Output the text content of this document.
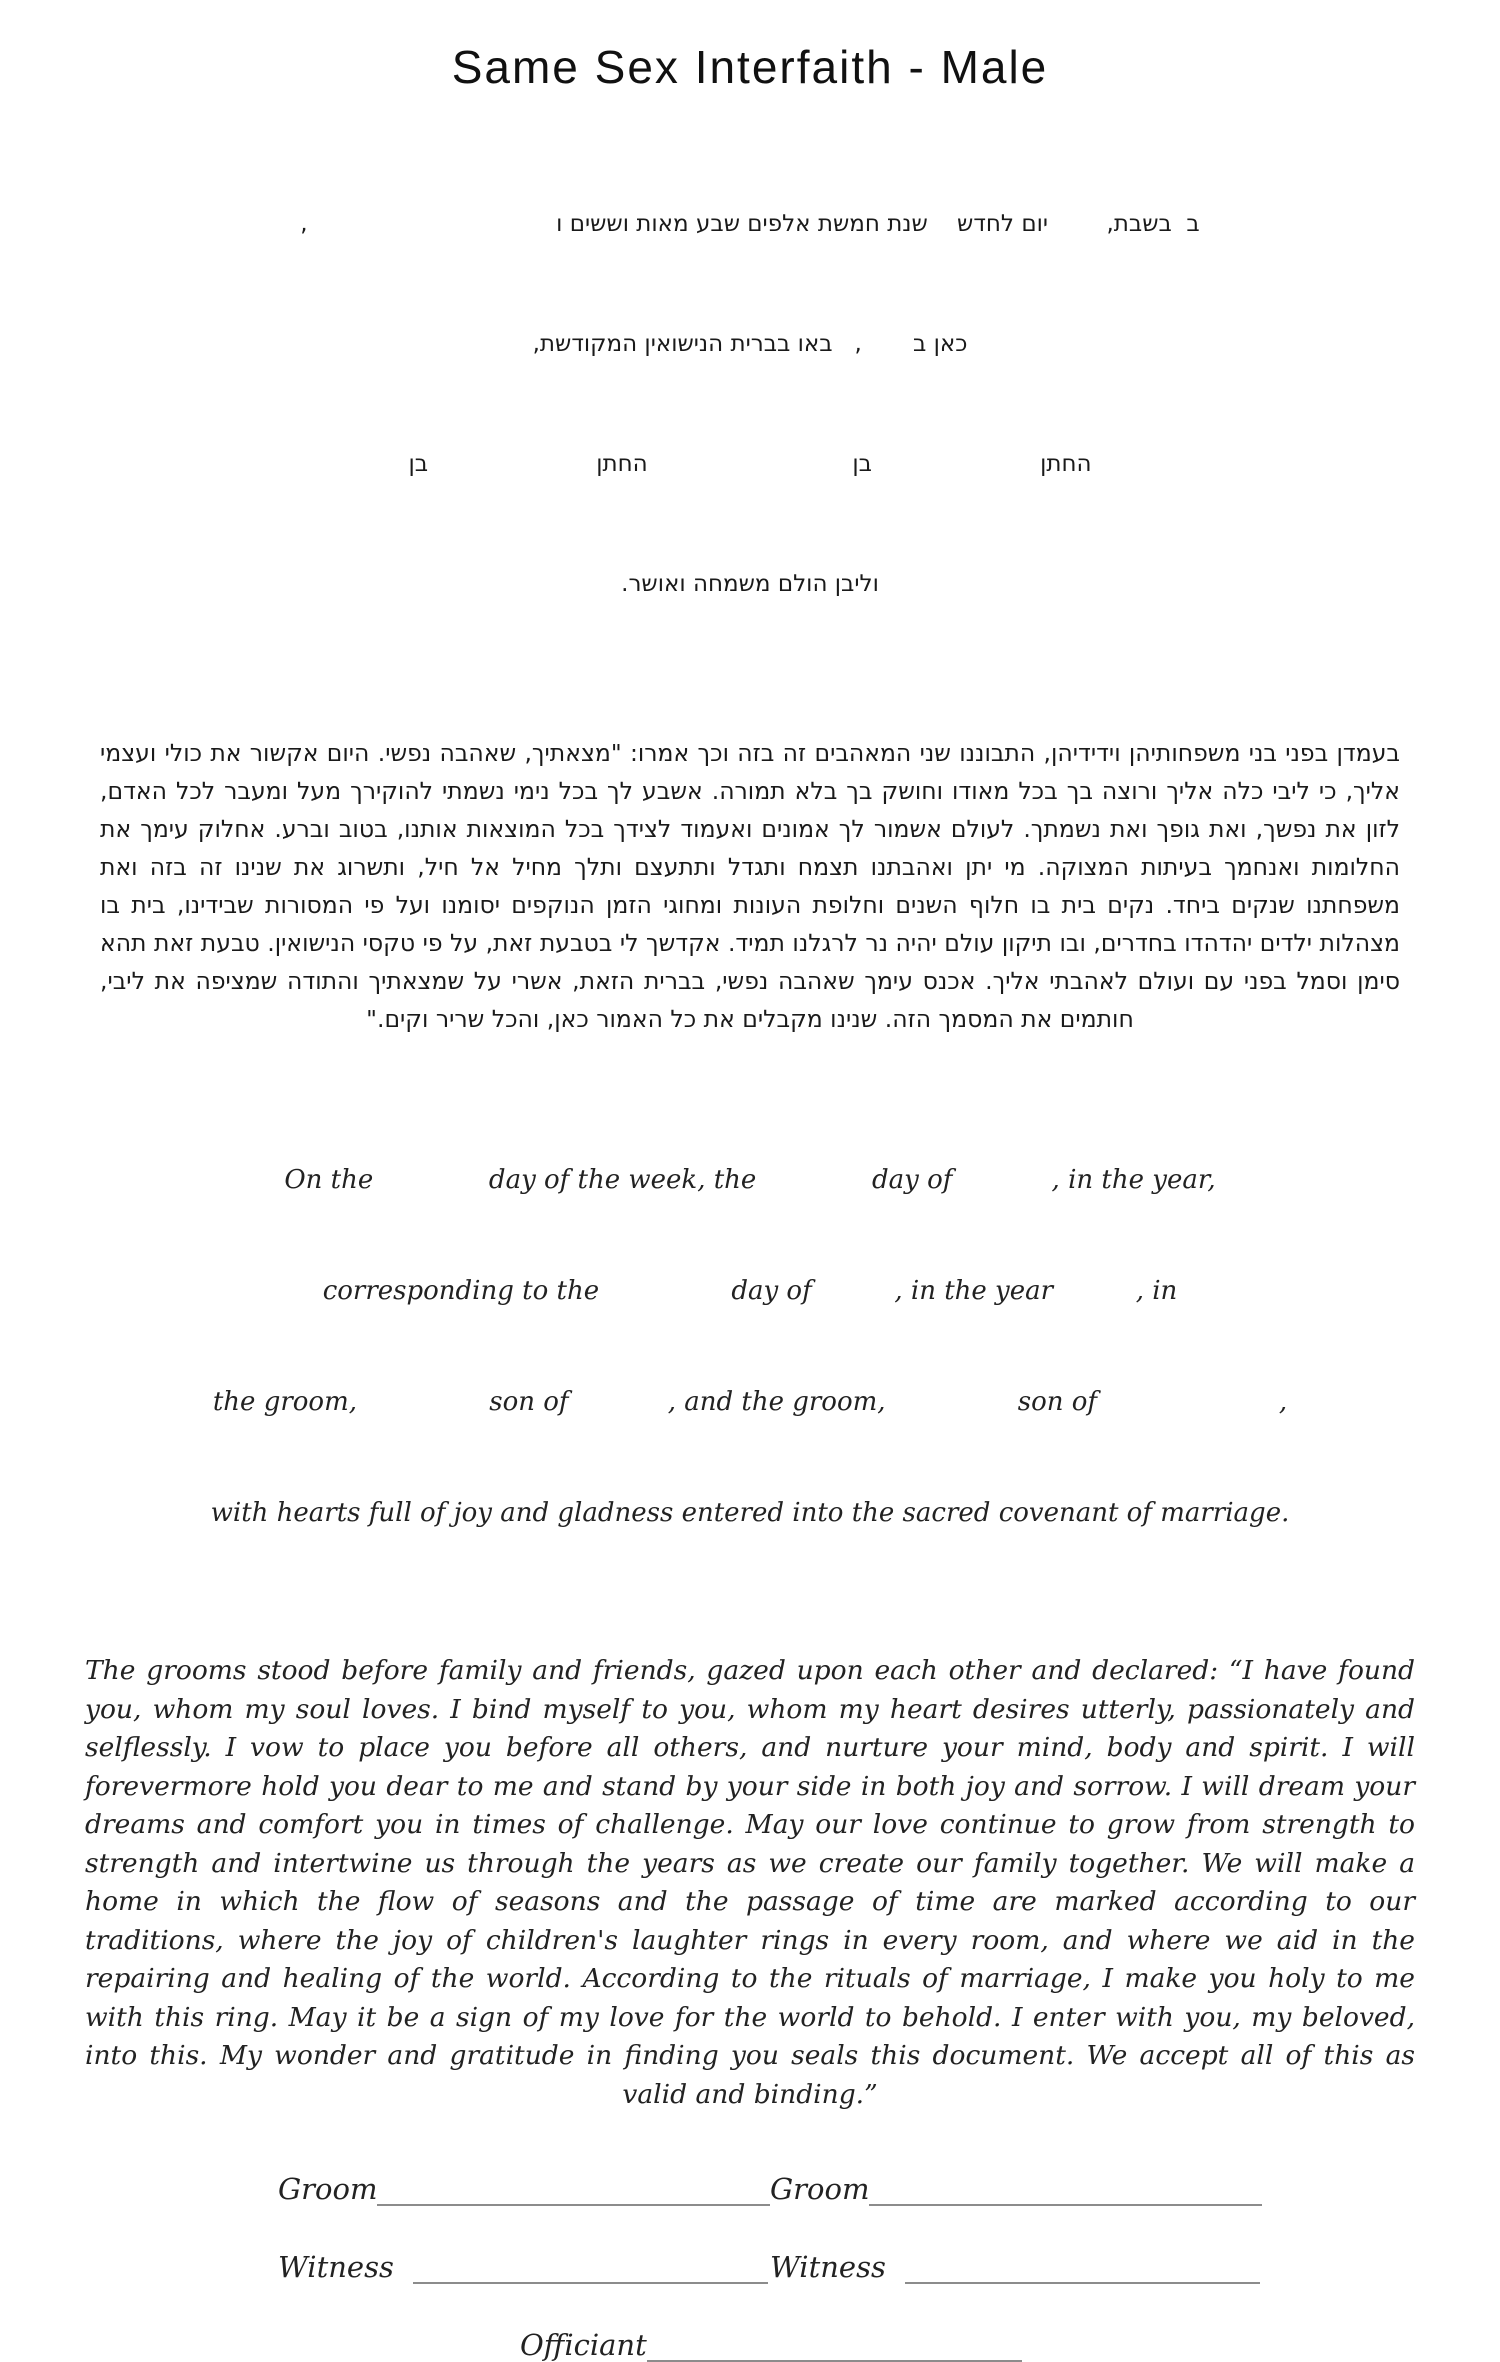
Same Sex Interfaith - Male

ב  בשבת,        יום לחדש    שנת חמשת אלפים שבע מאות וששים ו                                  ,

כאן ב       ,   באו בברית הנישואין המקודשת,

החתן                       בן                            החתן                       בן

וליבן הולם משמחה ואושר.

בעמדן בפני בני משפחותיהן וידידיהן, התבוננו שני המאהבים זה בזה וכך אמרו: "מצאתיך, שאהבה נפשי. היום אקשור את כולי ועצמי אליך, כי ליבי כלה אליך ורוצה בך בכל מאודו וחושק בך בלא תמורה. אשבע לך בכל נימי נשמתי להוקירך מעל ומעבר לכל האדם, לזון את נפשך, ואת גופך ואת נשמתך. לעולם אשמור לך אמונים ואעמוד לצידך בכל המוצאות אותנו, בטוב וברע. אחלוק עימך את החלומות ואנחמך בעיתות המצוקה. מי יתן ואהבתנו תצמח ותגדל ותתעצם ותלך מחיל אל חיל, ותשרוג את שנינו זה בזה ואת משפחתנו שנקים ביחד. נקים בית בו חלוף השנים וחלופת העונות ומחוגי הזמן הנוקפים יסומנו ועל פי המסורות שבידינו, בית בו מצהלות ילדים יהדהדו בחדרים, ובו תיקון עולם יהיה נר לרגלנו תמיד. אקדשך לי בטבעת זאת, על פי טקסי הנישואין. טבעת זאת תהא סימן וסמל בפני עם ועולם לאהבתי אליך. אכנס עימך שאהבה נפשי, בברית הזאת, אשרי על שמצאתיך והתודה שמציפה את ליבי, חותמים את המסמך הזה. שנינו מקבלים את כל האמור כאן, והכל שריר וקים."

On the              day of the week, the              day of            , in the year,

corresponding to the                day of          , in the year          , in

the groom,                son of            , and the groom,                son of                      ,

with hearts full of joy and gladness entered into the sacred covenant of marriage.

The grooms stood before family and friends, gazed upon each other and declared: “I have found you, whom my soul loves. I bind myself to you, whom my heart desires utterly, passionately and selflessly. I vow to place you before all others, and nurture your mind, body and spirit. I will forevermore hold you dear to me and stand by your side in both joy and sorrow. I will dream your dreams and comfort you in times of challenge. May our love continue to grow from strength to strength and intertwine us through the years as we create our family together. We will make a home in which the flow of seasons and the passage of time are marked according to our traditions, where the joy of children's laughter rings in every room, and where we aid in the repairing and healing of the world. According to the rituals of marriage, I make you holy to me with this ring. May it be a sign of my love for the world to behold. I enter with you, my beloved, into this. My wonder and gratitude in finding you seals this document. We accept all of this as valid and binding.”
Groom	Groom
Witness	Witness
Officiant
